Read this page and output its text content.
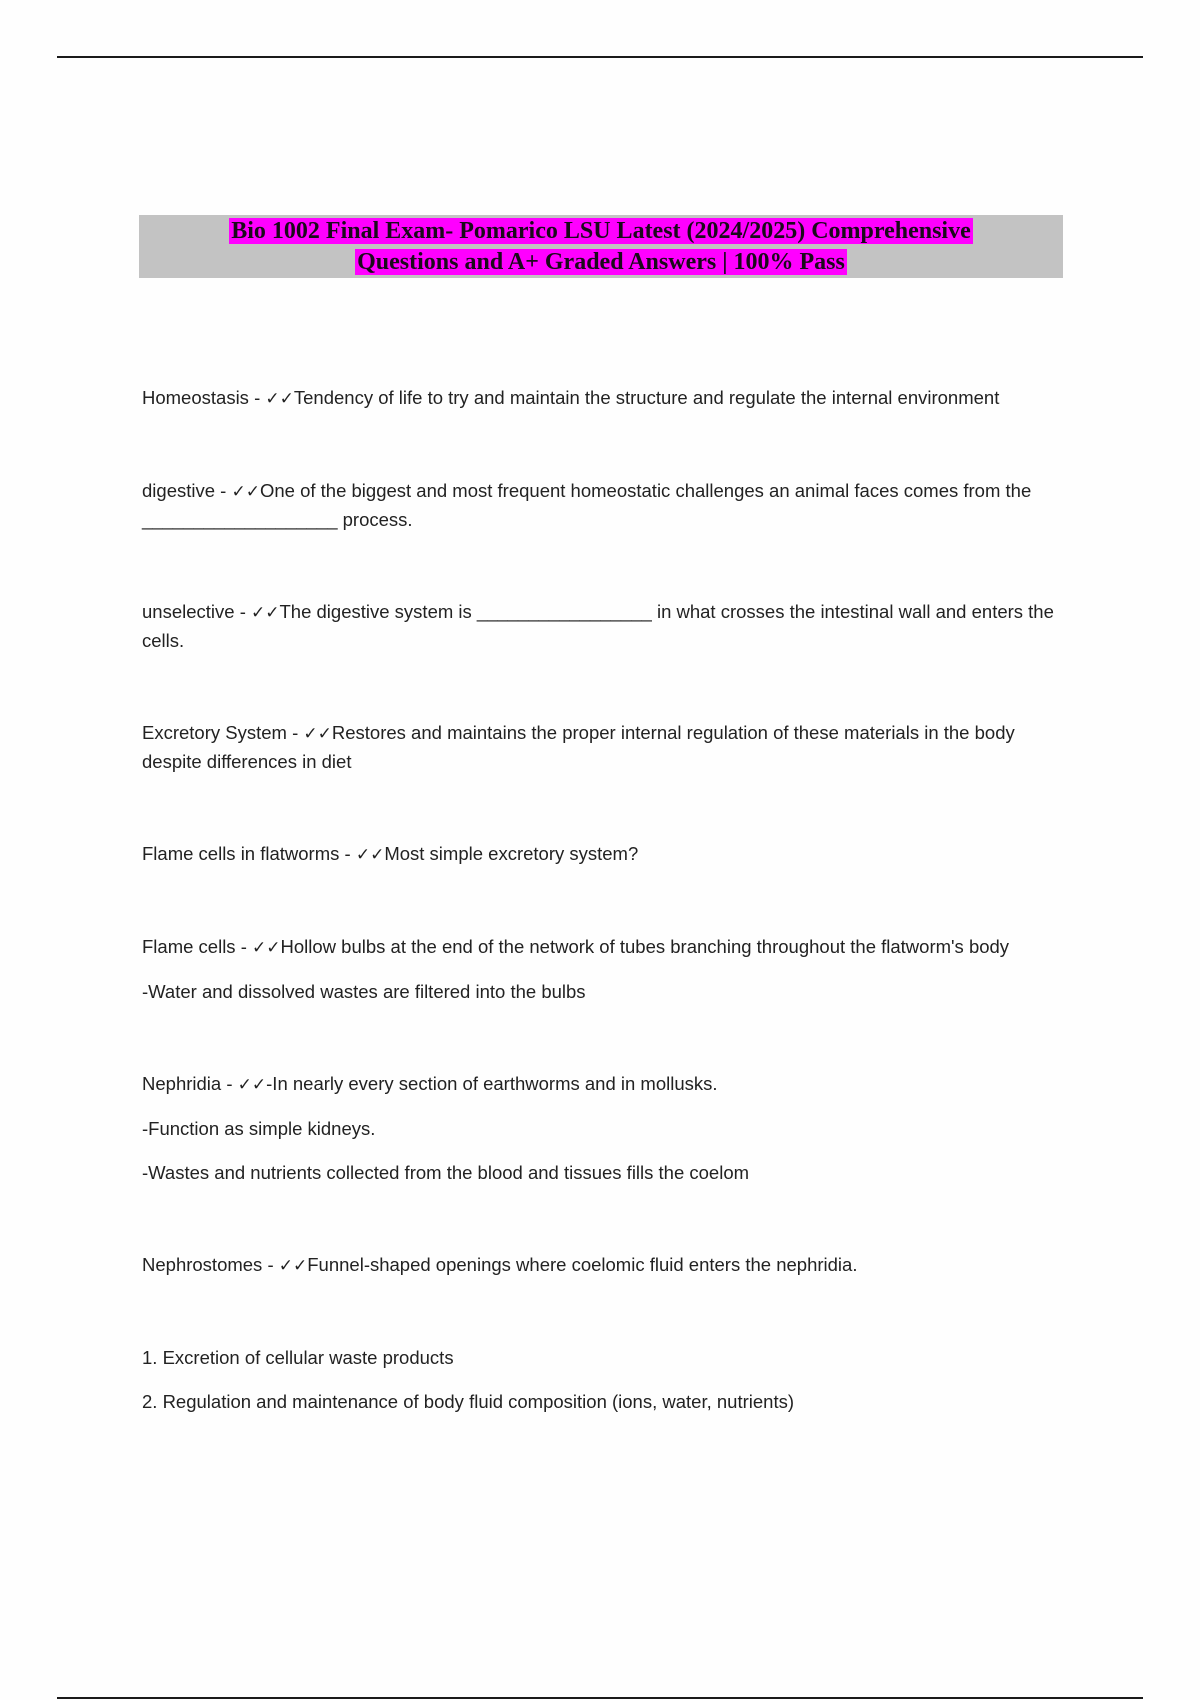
Bio 1002 Final Exam- Pomarico LSU Latest (2024/2025) Comprehensive
Questions and A+ Graded Answers | 100% Pass

Homeostasis - ✓✓Tendency of life to try and maintain the structure and regulate the internal environment

digestive - ✓✓One of the biggest and most frequent homeostatic challenges an animal faces comes from the ___________________ process.

unselective - ✓✓The digestive system is _________________ in what crosses the intestinal wall and enters the cells.

Excretory System - ✓✓Restores and maintains the proper internal regulation of these materials in the body despite differences in diet

Flame cells in flatworms - ✓✓Most simple excretory system?

Flame cells - ✓✓Hollow bulbs at the end of the network of tubes branching throughout the flatworm's body

-Water and dissolved wastes are filtered into the bulbs

Nephridia - ✓✓-In nearly every section of earthworms and in mollusks.

-Function as simple kidneys.

-Wastes and nutrients collected from the blood and tissues fills the coelom

Nephrostomes - ✓✓Funnel-shaped openings where coelomic fluid enters the nephridia.

1. Excretion of cellular waste products

2. Regulation and maintenance of body fluid composition (ions, water, nutrients)
